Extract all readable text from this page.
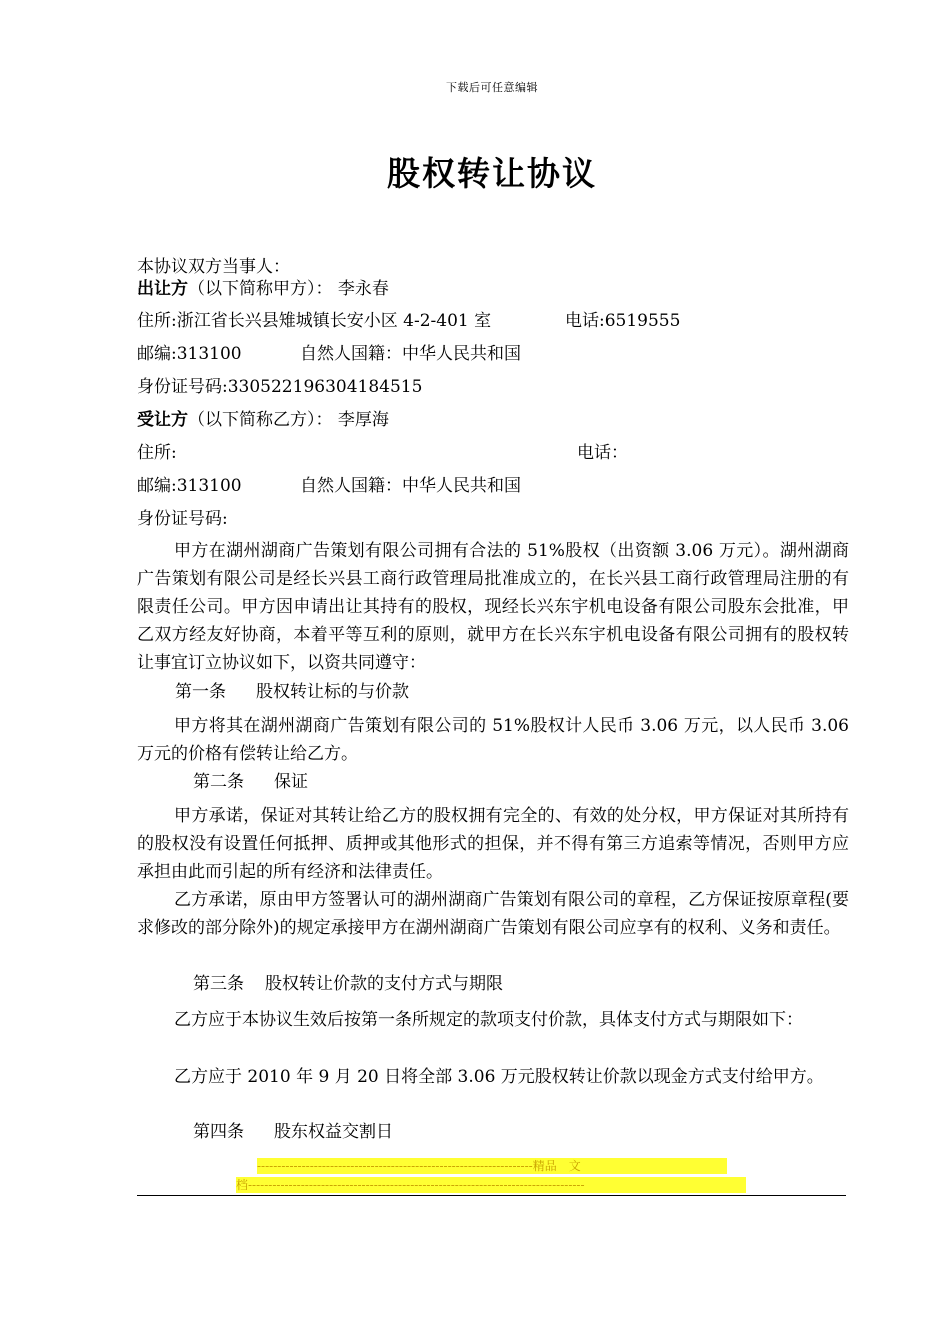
下载后可任意编辑
股权转让协议
本协议双方当事人：
出让方（以下简称甲方）： 李永春
住所:浙江省长兴县雉城镇长安小区 4-2-401 室	电话:6519555
邮编:313100	自然人国籍：中华人民共和国
身份证号码:330522196304184515
受让方（以下简称乙方）： 李厚海
住所:	电话：
邮编:313100	自然人国籍：中华人民共和国
身份证号码:
甲方在湖州湖商广告策划有限公司拥有合法的 51%股权（出资额 3.06 万元）。湖州湖商广告策划有限公司是经长兴县工商行政管理局批准成立的，在长兴县工商行政管理局注册的有限责任公司。甲方因申请出让其持有的股权，现经长兴东宇机电设备有限公司股东会批准，甲乙双方经友好协商，本着平等互利的原则，就甲方在长兴东宇机电设备有限公司拥有的股权转让事宜订立协议如下，以资共同遵守：
第一条 股权转让标的与价款
甲方将其在湖州湖商广告策划有限公司的 51%股权计人民币 3.06 万元，以人民币 3.06 万元的价格有偿转让给乙方。
第二条 保证
甲方承诺，保证对其转让给乙方的股权拥有完全的、有效的处分权，甲方保证对其所持有的股权没有设置任何抵押、质押或其他形式的担保，并不得有第三方追索等情况，否则甲方应承担由此而引起的所有经济和法律责任。
乙方承诺，原由甲方签署认可的湖州湖商广告策划有限公司的章程，乙方保证按原章程(要求修改的部分除外)的规定承接甲方在湖州湖商广告策划有限公司应享有的权利、义务和责任。
第三条 股权转让价款的支付方式与期限
乙方应于本协议生效后按第一条所规定的款项支付价款，具体支付方式与期限如下：
乙方应于 2010 年 9 月 20 日将全部 3.06 万元股权转让价款以现金方式支付给甲方。
第四条 股东权益交割日
--------------------------------------------------------------------精品　文
档-----------------------------------------------------------------------------------
